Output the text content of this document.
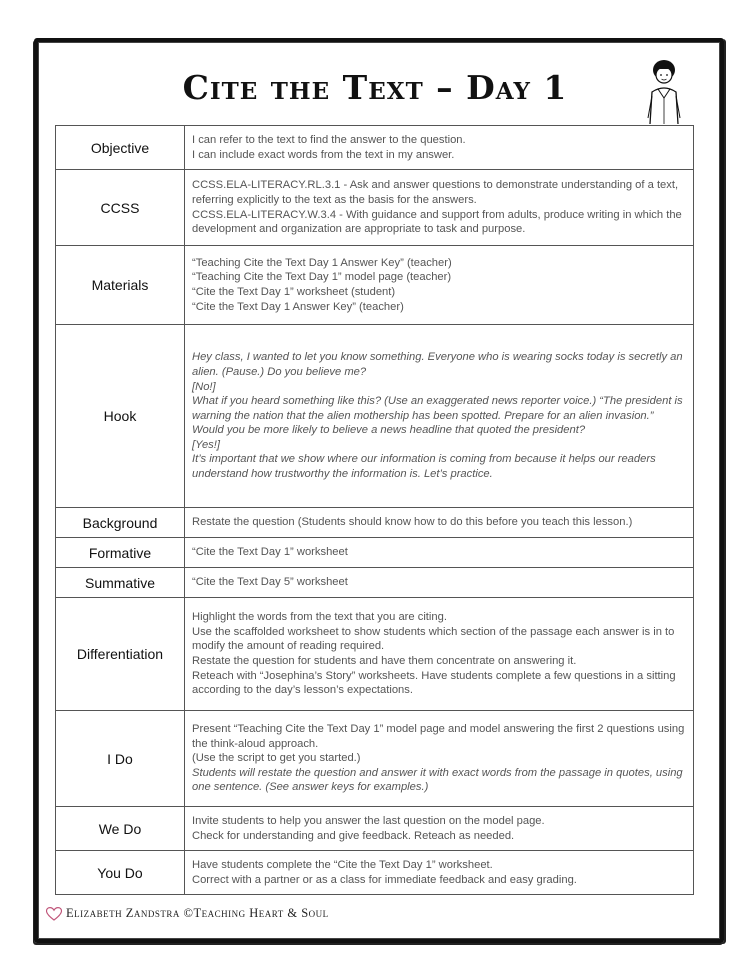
Cite the Text – Day 1
Objective	I can refer to the text to find the answer to the question.
I can include exact words from the text in my answer.

CCSS	CCSS.ELA-LITERACY.RL.3.1 - Ask and answer questions to demonstrate understanding of a text, referring explicitly to the text as the basis for the answers.
CCSS.ELA-LITERACY.W.3.4 - With guidance and support from adults, produce writing in which the development and organization are appropriate to task and purpose.

Materials	“Teaching Cite the Text Day 1 Answer Key” (teacher)
“Teaching Cite the Text Day 1” model page (teacher)
“Cite the Text Day 1” worksheet (student)
“Cite the Text Day 1 Answer Key” (teacher)

Hook	Hey class, I wanted to let you know something. Everyone who is wearing socks today is secretly an alien. (Pause.) Do you believe me?
[No!]
What if you heard something like this? (Use an exaggerated news reporter voice.) “The president is warning the nation that the alien mothership has been spotted. Prepare for an alien invasion.” Would you be more likely to believe a news headline that quoted the president?
[Yes!]
It’s important that we show where our information is coming from because it helps our readers understand how trustworthy the information is. Let’s practice.

Background	Restate the question (Students should know how to do this before you teach this lesson.)

Formative	“Cite the Text Day 1” worksheet

Summative	“Cite the Text Day 5” worksheet

Differentiation	Highlight the words from the text that you are citing.
Use the scaffolded worksheet to show students which section of the passage each answer is in to modify the amount of reading required.
Restate the question for students and have them concentrate on answering it.
Reteach with “Josephina’s Story” worksheets. Have students complete a few questions in a sitting according to the day’s lesson’s expectations.

I Do	Present “Teaching Cite the Text Day 1” model page and model answering the first 2 questions using the think-aloud approach.
(Use the script to get you started.)
Students will restate the question and answer it with exact words from the passage in quotes, using one sentence. (See answer keys for examples.)

We Do	Invite students to help you answer the last question on the model page.
Check for understanding and give feedback. Reteach as needed.

You Do	Have students complete the “Cite the Text Day 1” worksheet.
Correct with a partner or as a class for immediate feedback and easy grading.
Elizabeth Zandstra ©Teaching Heart & Soul
